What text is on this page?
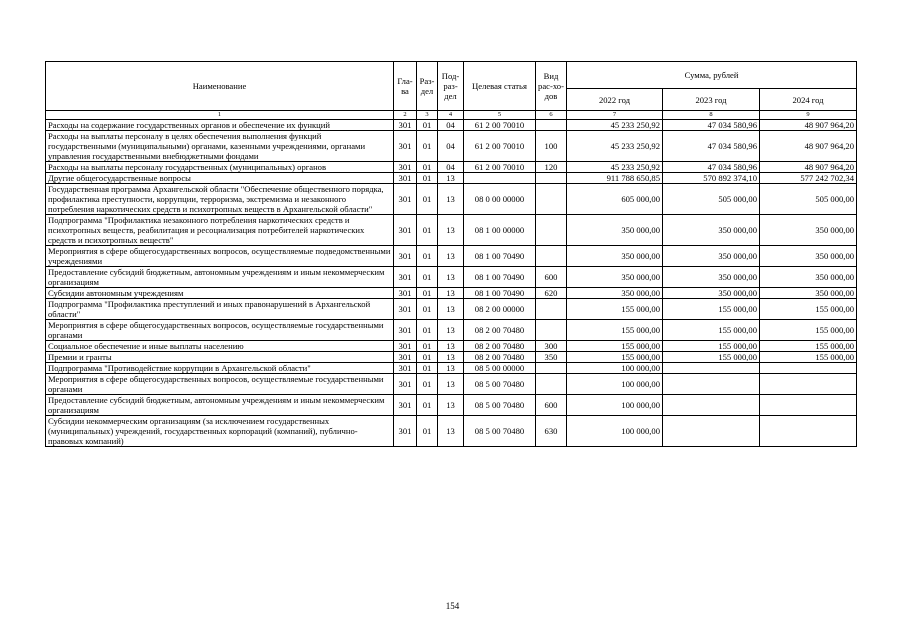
Наименование	Гла-ва	Раз-дел	Под-раз-дел	Целевая статья	Вид рас-хо-дов	Сумма, рублей		
						2022 год	2023 год	2024 год
1	2	3	4	5	6	7	8	9
Расходы на содержание государственных органов и обеспечение их функций	301	01	04	61 2 00 70010		45 233 250,92	47 034 580,96	48 907 964,20
Расходы на выплаты персоналу в целях обеспечения выполнения функций государственными (муниципальными) органами, казенными учреждениями, органами управления государственными внебюджетными фондами	301	01	04	61 2 00 70010	100	45 233 250,92	47 034 580,96	48 907 964,20
Расходы на выплаты персоналу государственных (муниципальных) органов	301	01	04	61 2 00 70010	120	45 233 250,92	47 034 580,96	48 907 964,20
Другие общегосударственные вопросы	301	01	13			911 788 650,85	570 892 374,10	577 242 702,34
Государственная программа Архангельской области "Обеспечение общественного порядка, профилактика преступности, коррупции, терроризма, экстремизма и незаконного потребления наркотических средств и психотропных веществ в Архангельской области"	301	01	13	08 0 00 00000		605 000,00	505 000,00	505 000,00
Подпрограмма "Профилактика незаконного потребления наркотических средств и психотропных веществ, реабилитация и ресоциализация потребителей наркотических средств и психотропных веществ"	301	01	13	08 1 00 00000		350 000,00	350 000,00	350 000,00
Мероприятия в сфере общегосударственных вопросов, осуществляемые подведомственными учреждениями	301	01	13	08 1 00 70490		350 000,00	350 000,00	350 000,00
Предоставление субсидий бюджетным, автономным учреждениям и иным некоммерческим организациям	301	01	13	08 1 00 70490	600	350 000,00	350 000,00	350 000,00
Субсидии автономным учреждениям	301	01	13	08 1 00 70490	620	350 000,00	350 000,00	350 000,00
Подпрограмма "Профилактика преступлений и иных правонарушений в Архангельской области"	301	01	13	08 2 00 00000		155 000,00	155 000,00	155 000,00
Мероприятия в сфере общегосударственных вопросов, осуществляемые государственными органами	301	01	13	08 2 00 70480		155 000,00	155 000,00	155 000,00
Социальное обеспечение и иные выплаты населению	301	01	13	08 2 00 70480	300	155 000,00	155 000,00	155 000,00
Премии и гранты	301	01	13	08 2 00 70480	350	155 000,00	155 000,00	155 000,00
Подпрограмма "Противодействие коррупции в Архангельской области"	301	01	13	08 5 00 00000		100 000,00		
Мероприятия в сфере общегосударственных вопросов, осуществляемые государственными органами	301	01	13	08 5 00 70480		100 000,00		
Предоставление субсидий бюджетным, автономным учреждениям и иным некоммерческим организациям	301	01	13	08 5 00 70480	600	100 000,00		
Субсидии некоммерческим организациям (за исключением государственных (муниципальных) учреждений, государственных корпораций (компаний), публично-правовых компаний)	301	01	13	08 5 00 70480	630	100 000,00		
154
